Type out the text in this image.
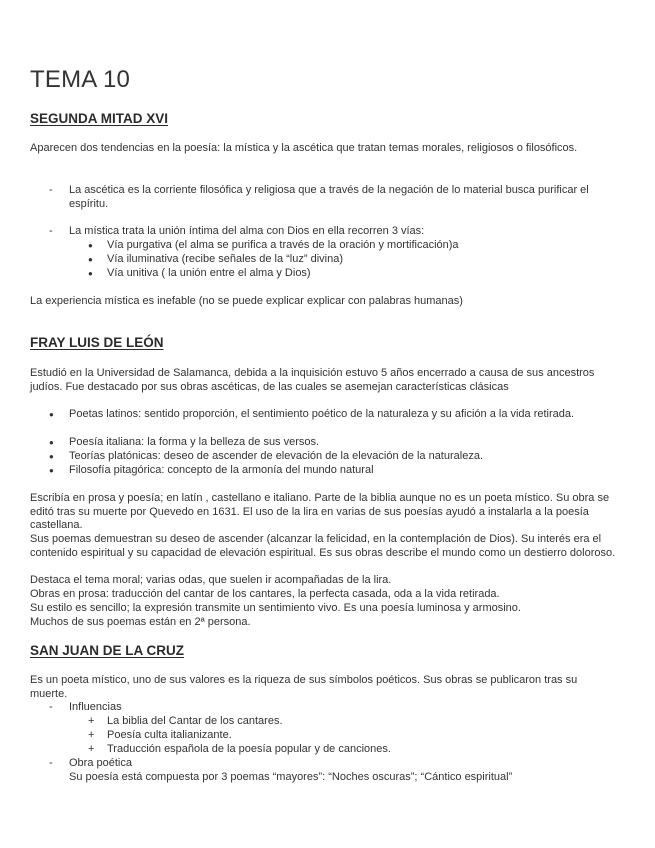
TEMA 10
SEGUNDA MITAD XVI

Aparecen dos tendencias en la poesía: la mística y la ascética que tratan temas morales, religiosos o filosóficos.

- La ascética es la corriente filosófica y religiosa que a través de la negación de lo material busca purificar el espíritu.

- La mística trata la unión íntima del alma con Dios en ella recorren 3 vías:

● Vía purgativa (el alma se purifica a través de la oración y mortificación)a

● Vía iluminativa (recibe señales de la “luz” divina)

● Vía unitiva ( la unión entre el alma y Dios)

La experiencia mística es inefable (no se puede explicar explicar con palabras humanas)

FRAY LUIS DE LEÓN

Estudió en la Universidad de Salamanca, debida a la inquisición estuvo 5 años encerrado a causa de sus ancestros judíos. Fue destacado por sus obras ascéticas, de las cuales se asemejan características clásicas

● Poetas latinos: sentido proporción, el sentimiento poético de la naturaleza y su afición a la vida retirada.

● Poesía italiana: la forma y la belleza de sus versos.

● Teorías platónicas: deseo de ascender de elevación de la elevación de la naturaleza.

● Filosofía pitagórica: concepto de la armonía del mundo natural

Escribía en prosa y poesía; en latín , castellano e italiano. Parte de la biblia aunque no es un poeta místico. Su obra se editó tras su muerte por Quevedo en 1631. El uso de la lira en varias de sus poesías ayudó a instalarla a la poesía castellana.

Sus poemas demuestran su deseo de ascender (alcanzar la felicidad, en la contemplación de Dios). Su interés era el contenido espiritual y su capacidad de elevación espiritual. Es sus obras describe el mundo como un destierro doloroso.

Destaca el tema moral; varias odas, que suelen ir acompañadas de la lira.

Obras en prosa: traducción del cantar de los cantares, la perfecta casada, oda a la vida retirada.

Su estilo es sencillo; la expresión transmite un sentimiento vivo. Es una poesía luminosa y armosino.

Muchos de sus poemas están en 2ª persona.

SAN JUAN DE LA CRUZ

Es un poeta místico, uno de sus valores es la riqueza de sus símbolos poéticos. Sus obras se publicaron tras su muerte.

- Influencias

+ La biblia del Cantar de los cantares.

+ Poesía culta italianizante.

+ Traducción española de la poesía popular y de canciones.

- Obra poética

Su poesía está compuesta por 3 poemas “mayores”: “Noches oscuras”; “Cántico espiritual”
